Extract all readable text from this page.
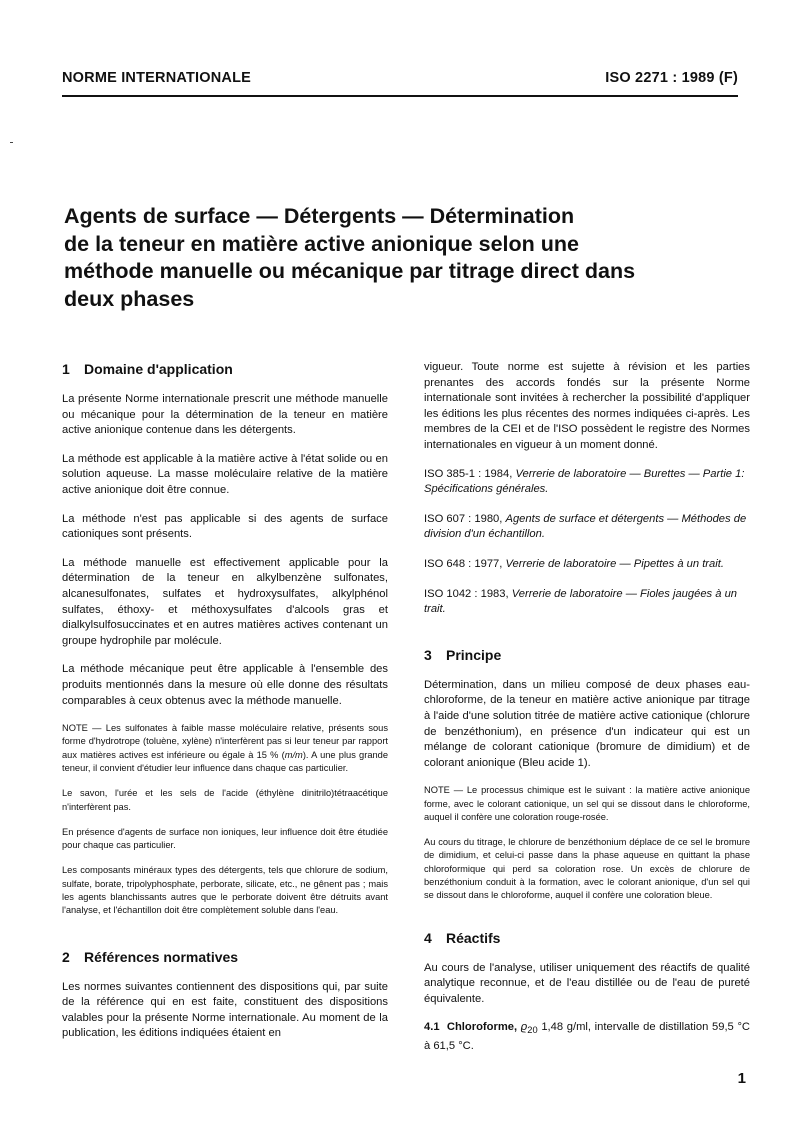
NORME INTERNATIONALE	ISO 2271 : 1989 (F)
Agents de surface — Détergents — Détermination
de la teneur en matière active anionique selon une
méthode manuelle ou mécanique par titrage direct dans
deux phases
1 Domaine d'application

La présente Norme internationale prescrit une méthode manuelle ou mécanique pour la détermination de la teneur en matière active anionique contenue dans les détergents.

La méthode est applicable à la matière active à l'état solide ou en solution aqueuse. La masse moléculaire relative de la matière active anionique doit être connue.

La méthode n'est pas applicable si des agents de surface cationiques sont présents.

La méthode manuelle est effectivement applicable pour la détermination de la teneur en alkylbenzène sulfonates, alcanesulfonates, sulfates et hydroxysulfates, alkylphénol sulfates, éthoxy- et méthoxysulfates d'alcools gras et dialkylsulfosuccinates et en autres matières actives contenant un groupe hydrophile par molécule.

La méthode mécanique peut être applicable à l'ensemble des produits mentionnés dans la mesure où elle donne des résultats comparables à ceux obtenus avec la méthode manuelle.

NOTE — Les sulfonates à faible masse moléculaire relative, présents sous forme d'hydrotrope (toluène, xylène) n'interfèrent pas si leur teneur par rapport aux matières actives est inférieure ou égale à 15 % (m/m). A une plus grande teneur, il convient d'étudier leur influence dans chaque cas particulier.
Le savon, l'urée et les sels de l'acide (éthylène dinitrilo)tétraacétique n'interfèrent pas.
En présence d'agents de surface non ioniques, leur influence doit être étudiée pour chaque cas particulier.
Les composants minéraux types des détergents, tels que chlorure de sodium, sulfate, borate, tripolyphosphate, perborate, silicate, etc., ne gênent pas ; mais les agents blanchissants autres que le perborate doivent être détruits avant l'analyse, et l'échantillon doit être complètement soluble dans l'eau.
2 Références normatives

Les normes suivantes contiennent des dispositions qui, par suite de la référence qui en est faite, constituent des dispositions valables pour la présente Norme internationale. Au moment de la publication, les éditions indiquées étaient en

vigueur. Toute norme est sujette à révision et les parties prenantes des accords fondés sur la présente Norme internationale sont invitées à rechercher la possibilité d'appliquer les éditions les plus récentes des normes indiquées ci-après. Les membres de la CEI et de l'ISO possèdent le registre des Normes internationales en vigueur à un moment donné.

ISO 385-1 : 1984, Verrerie de laboratoire — Burettes — Partie 1: Spécifications générales.
ISO 607 : 1980, Agents de surface et détergents — Méthodes de division d'un échantillon.
ISO 648 : 1977, Verrerie de laboratoire — Pipettes à un trait.
ISO 1042 : 1983, Verrerie de laboratoire — Fioles jaugées à un trait.
3 Principe

Détermination, dans un milieu composé de deux phases eau-chloroforme, de la teneur en matière active anionique par titrage à l'aide d'une solution titrée de matière active cationique (chlorure de benzéthonium), en présence d'un indicateur qui est un mélange de colorant cationique (bromure de dimidium) et de colorant anionique (Bleu acide 1).

NOTE — Le processus chimique est le suivant : la matière active anionique forme, avec le colorant cationique, un sel qui se dissout dans le chloroforme, auquel il confère une coloration rouge-rosée.
Au cours du titrage, le chlorure de benzéthonium déplace de ce sel le bromure de dimidium, et celui-ci passe dans la phase aqueuse en quittant la phase chloroformique qui perd sa coloration rose. Un excès de chlorure de benzéthonium conduit à la formation, avec le colorant anionique, d'un sel qui se dissout dans le chloroforme, auquel il confère une coloration bleue.
4 Réactifs

Au cours de l'analyse, utiliser uniquement des réactifs de qualité analytique reconnue, et de l'eau distillée ou de l'eau de pureté équivalente.

4.1 Chloroforme, $ϱ_{20}$ 1,48 g/ml, intervalle de distillation 59,5 °C à 61,5 °C.

1
